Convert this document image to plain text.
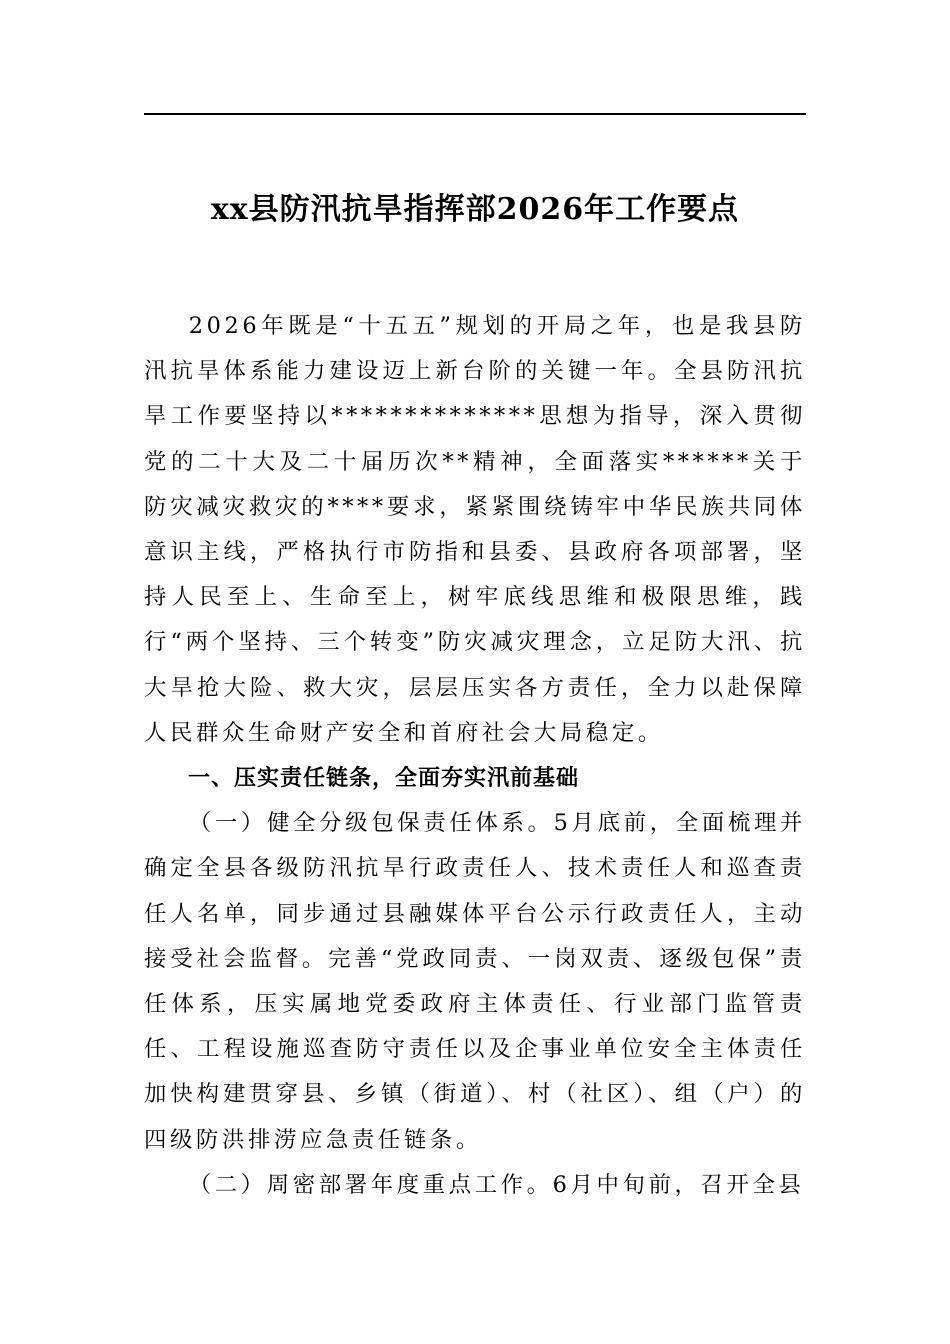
xx县防汛抗旱指挥部2026年工作要点

2026年既是“十五五”规划的开局之年，也是我县防汛抗旱体系能力建设迈上新台阶的关键一年。全县防汛抗旱工作要坚持以**************思想为指导，深入贯彻党的二十大及二十届历次**精神，全面落实******关于防灾减灾救灾的****要求，紧紧围绕铸牢中华民族共同体意识主线，严格执行市防指和县委、县政府各项部署，坚持人民至上、生命至上，树牢底线思维和极限思维，践行“两个坚持、三个转变”防灾减灾理念，立足防大汛、抗大旱抢大险、救大灾，层层压实各方责任，全力以赴保障人民群众生命财产安全和首府社会大局稳定。

一、压实责任链条，全面夯实汛前基础

（一）健全分级包保责任体系。5月底前，全面梳理并确定全县各级防汛抗旱行政责任人、技术责任人和巡查责任人名单，同步通过县融媒体平台公示行政责任人，主动接受社会监督。完善“党政同责、一岗双责、逐级包保”责任体系，压实属地党委政府主体责任、行业部门监管责任、工程设施巡查防守责任以及企事业单位安全主体责任加快构建贯穿县、乡镇（街道）、村（社区）、组（户）的四级防洪排涝应急责任链条。

（二）周密部署年度重点工作。6月中旬前，召开全县
